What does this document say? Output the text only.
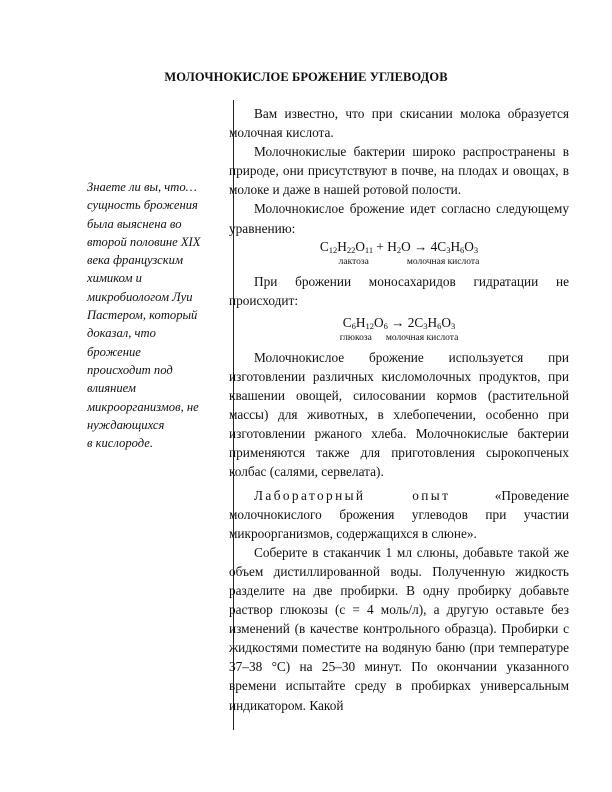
МОЛОЧНОКИСЛОЕ БРОЖЕНИЕ УГЛЕВОДОВ
Знаете ли вы, что…
сущность брожения
была выяснена во
второй половине XIX
века французским
химиком и
микробиологом Луи
Пастером, который
доказал, что
брожение
происходит под
влиянием
микроорганизмов, не
нуждающихся
в кислороде.

Вам известно, что при скисании молока образуется молочная кислота.

Молочнокислые бактерии широко распространены в природе, они присутствуют в почве, на плодах и овощах, в молоке и даже в нашей ротовой полости.

Молочнокислое брожение идет согласно следующему уравнению:

$C_{12}H_{22}O_{11} + H_2O \to 4C_3H_6O_3$

лактоза	молочная кислота

При брожении моносахаридов гидратации не происходит:

$C_6H_{12}O_6 \to 2C_3H_6O_3$

глюкоза молочная кислота

Молочнокислое брожение используется при изготовлении различных кисломолочных продуктов, при квашении овощей, силосовании кормов (растительной массы) для животных, в хлебопечении, особенно при изготовлении ржаного хлеба. Молочнокислые бактерии применяются также для приготовления сырокопченых колбас (салями, сервелата).

Лабораторный опыт	«Проведение молочнокислого брожения углеводов при участии микроорганизмов, содержащихся в слюне».

Соберите в стаканчик 1 мл слюны, добавьте такой же объем дистиллированной воды. Полученную жидкость разделите на две пробирки. В одну пробирку добавьте раствор глюкозы (c = 4 моль/л), а другую оставьте без изменений (в качестве контрольного образца). Пробирки с жидкостями поместите на водяную баню (при температуре 37–38 °С) на 25–30 минут. По окончании указанного времени испытайте среду в пробирках универсальным индикатором. Какой
